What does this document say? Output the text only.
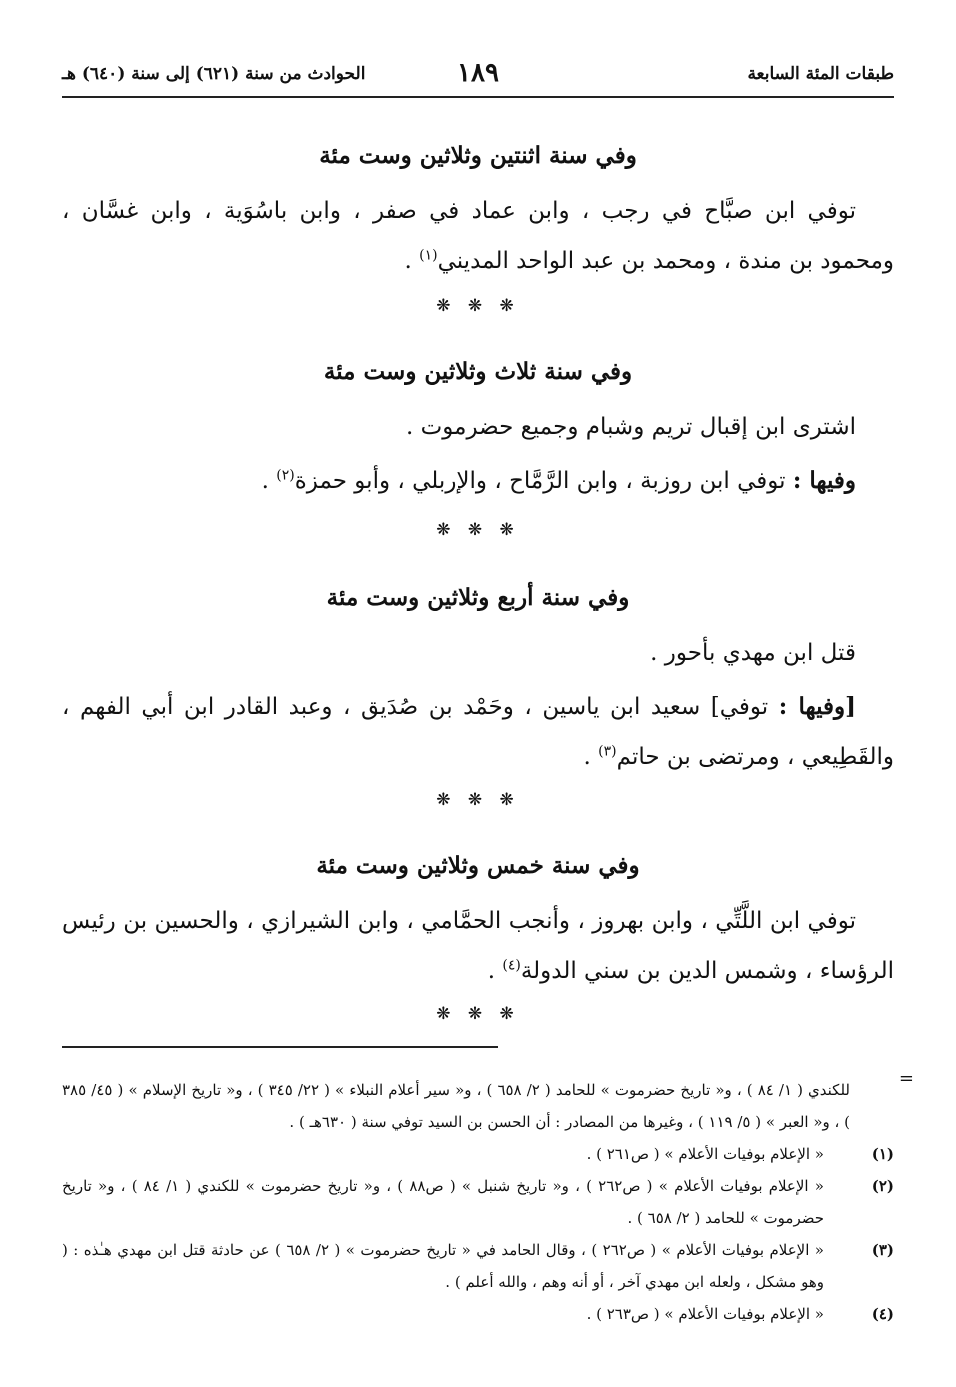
طبقات المئة السابعة
١٨٩
الحوادث من سنة (٦٢١) إلى سنة (٦٤٠) هـ
وفي سنة اثنتين وثلاثين وست مئة

توفي ابن صبَّاح في رجب ، وابن عماد في صفر ، وابن باسُوَية ، وابن غسَّان ، ومحمود بن مندة ، ومحمد بن عبد الواحد المديني$^{(١)}$ .

❋ ❋ ❋
وفي سنة ثلاث وثلاثين وست مئة

اشترى ابن إقبال تريم وشبام وجميع حضرموت .

وفيها : توفي ابن روزبة ، وابن الرَّمَّاح ، والإربلي ، وأبو حمزة$^{(٢)}$ .

❋ ❋ ❋
وفي سنة أربع وثلاثين وست مئة

قتل ابن مهدي بأحور .

[وفيها : توفي] سعيد ابن ياسين ، وحَمْد بن صُدَيق ، وعبد القادر ابن أبي الفهم ، والقَطِيعي ، ومرتضى بن حاتم$^{(٣)}$ .

❋ ❋ ❋
وفي سنة خمس وثلاثين وست مئة

توفي ابن اللَّتِّي ، وابن بهروز ، وأنجب الحمَّامي ، وابن الشيرازي ، والحسين بن رئيس الرؤساء ، وشمس الدين بن سني الدولة$^{(٤)}$ .

❋ ❋ ❋
=
للكندي ( ١/ ٨٤ ) ، و« تاريخ حضرموت » للحامد ( ٢/ ٦٥٨ ) ، و« سير أعلام النبلاء » ( ٢٢/ ٣٤٥ ) ، و« تاريخ الإسلام » ( ٤٥/ ٣٨٥ ) ، و« العبر » ( ٥/ ١١٩ ) ، وغيرها من المصادر : أن الحسن بن السيد توفي سنة ( ٦٣٠هـ ) .
(١)
« الإعلام بوفيات الأعلام » ( ص٢٦١ ) .
(٢)
« الإعلام بوفيات الأعلام » ( ص٢٦٢ ) ، و« تاريخ شنبل » ( ص٨٨ ) ، و« تاريخ حضرموت » للكندي ( ١/ ٨٤ ) ، و« تاريخ حضرموت » للحامد ( ٢/ ٦٥٨ ) .
(٣)
« الإعلام بوفيات الأعلام » ( ص٢٦٢ ) ، وقال الحامد في « تاريخ حضرموت » ( ٢/ ٦٥٨ ) عن حادثة قتل ابن مهدي هـٰذه : ( وهو مشكل ، ولعله ابن مهدي آخر ، أو أنه وهم ، والله أعلم ) .
(٤)
« الإعلام بوفيات الأعلام » ( ص٢٦٣ ) .
